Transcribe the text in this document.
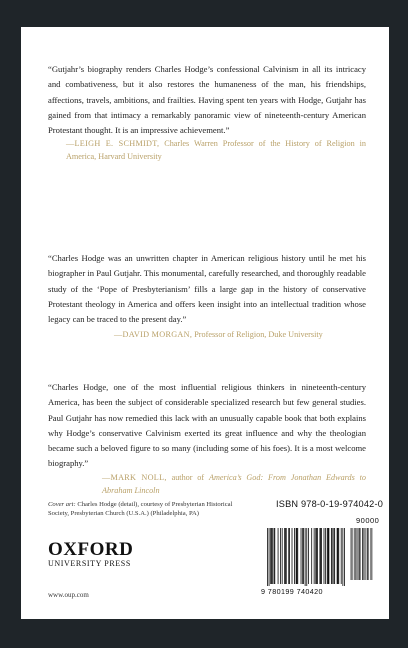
“Gutjahr’s biography renders Charles Hodge’s confessional Calvinism in all its intricacy and combativeness, but it also restores the humaneness of the man, his friendships, affections, travels, ambitions, and frailties. Having spent ten years with Hodge, Gutjahr has gained from that intimacy a remarkably panoramic view of nineteenth-century American Protestant thought. It is an impressive achievement.”

—LEIGH E. SCHMIDT, Charles Warren Professor of the History of Religion in America, Harvard University

“Charles Hodge was an unwritten chapter in American religious history until he met his biographer in Paul Gutjahr. This monumental, carefully researched, and thoroughly readable study of the ‘Pope of Presbyterianism’ fills a large gap in the history of conservative Protestant theology in America and offers keen insight into an intellectual tradition whose legacy can be traced to the present day.”

—DAVID MORGAN, Professor of Religion, Duke University

“Charles Hodge, one of the most influential religious thinkers in nineteenth-century America, has been the subject of considerable specialized research but few general studies. Paul Gutjahr has now remedied this lack with an unusually capable book that both explains why Hodge’s conservative Calvinism exerted its great influence and why the theologian became such a beloved figure to so many (including some of his foes). It is a most welcome biography.”

—MARK NOLL, author of America’s God: From Jonathan Edwards to Abraham Lincoln

Cover art: Charles Hodge (detail), courtesy of Presbyterian Historical Society, Presbyterian Church (U.S.A.) (Philadelphia, PA)

OXFORD
UNIVERSITY PRESS
www.oup.com
ISBN 978-0-19-974042-0
90000
9 780199 740420
